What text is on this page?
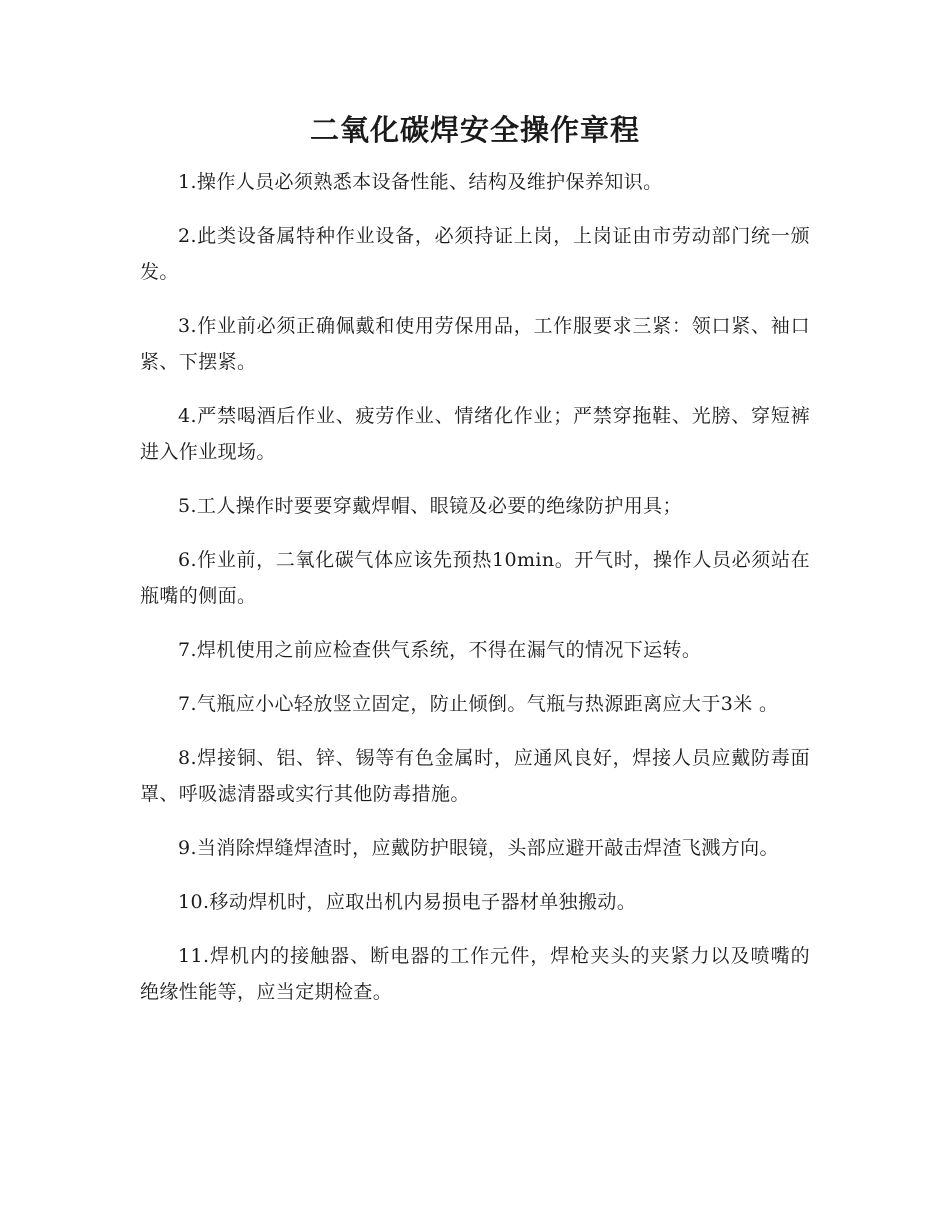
二氧化碳焊安全操作章程

1.操作人员必须熟悉本设备性能、结构及维护保养知识。

2.此类设备属特种作业设备，必须持证上岗，上岗证由市劳动部门统一颁发。

3.作业前必须正确佩戴和使用劳保用品，工作服要求三紧：领口紧、袖口紧、下摆紧。

4.严禁喝酒后作业、疲劳作业、情绪化作业；严禁穿拖鞋、光膀、穿短裤进入作业现场。

5.工人操作时要要穿戴焊帽、眼镜及必要的绝缘防护用具；

6.作业前，二氧化碳气体应该先预热10min。开气时，操作人员必须站在瓶嘴的侧面。

7.焊机使用之前应检查供气系统，不得在漏气的情况下运转。

7.气瓶应小心轻放竖立固定，防止倾倒。气瓶与热源距离应大于3米 。

8.焊接铜、铝、锌、锡等有色金属时，应通风良好，焊接人员应戴防毒面罩、呼吸滤清器或实行其他防毒措施。

9.当消除焊缝焊渣时，应戴防护眼镜，头部应避开敲击焊渣飞溅方向。

10.移动焊机时，应取出机内易损电子器材单独搬动。

11.焊机内的接触器、断电器的工作元件，焊枪夹头的夹紧力以及喷嘴的绝缘性能等，应当定期检查。
